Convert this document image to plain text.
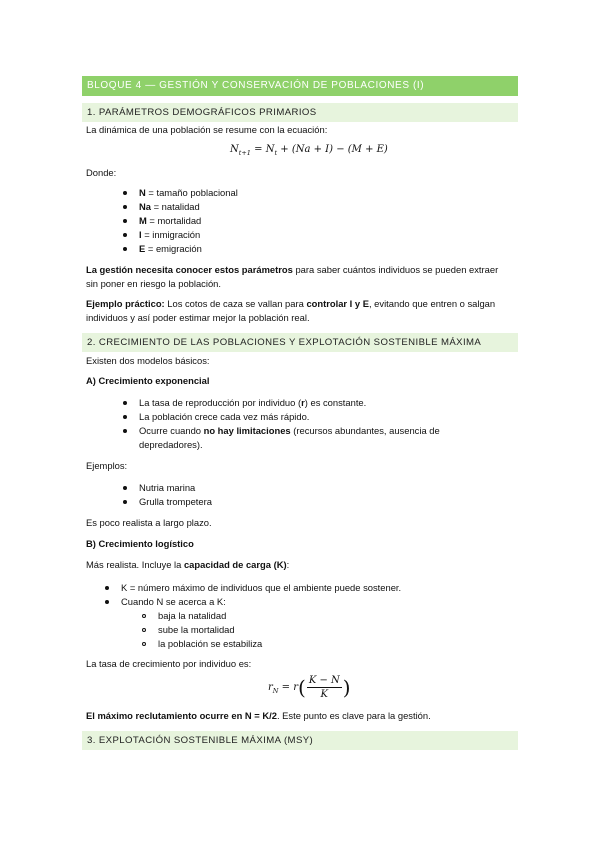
BLOQUE 4 — GESTIÓN Y CONSERVACIÓN DE POBLACIONES (I)
1. PARÁMETROS DEMOGRÁFICOS PRIMARIOS
La dinámica de una población se resume con la ecuación:
$N_{t+1} = N_t + (Na + I) - (M + E)$
Donde:
N = tamaño poblacional
Na = natalidad
M = mortalidad
I = inmigración
E = emigración
La gestión necesita conocer estos parámetros para saber cuántos individuos se pueden extraer
sin poner en riesgo la población.
Ejemplo práctico: Los cotos de caza se vallan para controlar I y E, evitando que entren o salgan
individuos y así poder estimar mejor la población real.
2. CRECIMIENTO DE LAS POBLACIONES Y EXPLOTACIÓN SOSTENIBLE MÁXIMA
Existen dos modelos básicos:
A) Crecimiento exponencial
La tasa de reproducción por individuo (r) es constante.
La población crece cada vez más rápido.
Ocurre cuando no hay limitaciones (recursos abundantes, ausencia de
depredadores).
Ejemplos:
Nutria marina
Grulla trompetera
Es poco realista a largo plazo.
B) Crecimiento logístico
Más realista. Incluye la capacidad de carga (K):
K = número máximo de individuos que el ambiente puede sostener.
Cuando N se acerca a K:
baja la natalidad
sube la mortalidad
la población se estabiliza
La tasa de crecimiento por individuo es:
$r_N = r( \frac{K - N}{K}$ )
El máximo reclutamiento ocurre en N = K/2. Este punto es clave para la gestión.
3. EXPLOTACIÓN SOSTENIBLE MÁXIMA (MSY)
